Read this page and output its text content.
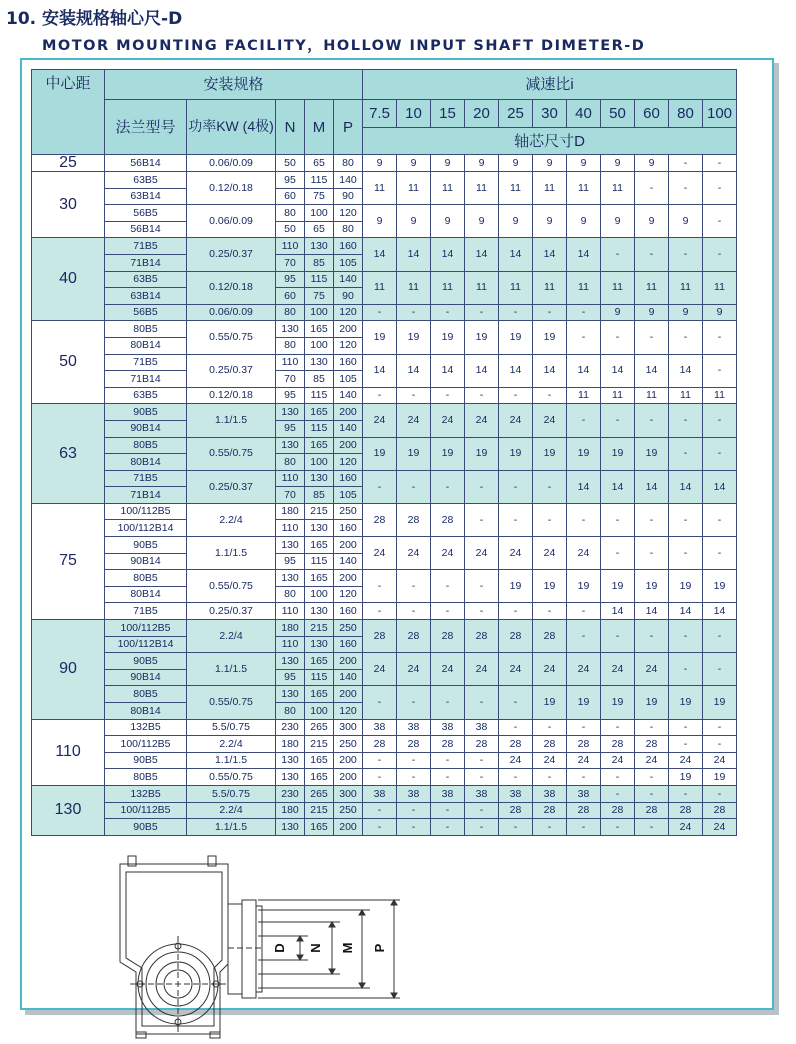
10. 安装规格轴心尺-D
MOTOR MOUNTING FACILITY，HOLLOW INPUT SHAFT DIMETER-D
中心距	安装规格					减速比i										
	法兰型号	功率KW (4极)	N	M	P	7.5	10	15	20	25	30	40	50	60	80	100
						轴芯尺寸D										
25	56B14	0.06/0.09	50	65	80	9	9	9	9	9	9	9	9	9	-	-
30	63B5	0.12/0.18	95	115	140	11	11	11	11	11	11	11	11	-	-	-
	63B14		60	75	90											
	56B5	0.06/0.09	80	100	120	9	9	9	9	9	9	9	9	9	9	-
	56B14		50	65	80											
40	71B5	0.25/0.37	110	130	160	14	14	14	14	14	14	14	-	-	-	-
	71B14		70	85	105											
	63B5	0.12/0.18	95	115	140	11	11	11	11	11	11	11	11	11	11	11
	63B14		60	75	90											
	56B5	0.06/0.09	80	100	120	-	-	-	-	-	-	-	9	9	9	9
50	80B5	0.55/0.75	130	165	200	19	19	19	19	19	19	-	-	-	-	-
	80B14		80	100	120											
	71B5	0.25/0.37	110	130	160	14	14	14	14	14	14	14	14	14	14	-
	71B14		70	85	105											
	63B5	0.12/0.18	95	115	140	-	-	-	-	-	-	11	11	11	11	11
63	90B5	1.1/1.5	130	165	200	24	24	24	24	24	24	-	-	-	-	-
	90B14		95	115	140											
	80B5	0.55/0.75	130	165	200	19	19	19	19	19	19	19	19	19	-	-
	80B14		80	100	120											
	71B5	0.25/0.37	110	130	160	-	-	-	-	-	-	14	14	14	14	14
	71B14		70	85	105											
75	100/112B5	2.2/4	180	215	250	28	28	28	-	-	-	-	-	-	-	-
	100/112B14		110	130	160											
	90B5	1.1/1.5	130	165	200	24	24	24	24	24	24	24	-	-	-	-
	90B14		95	115	140											
	80B5	0.55/0.75	130	165	200	-	-	-	-	19	19	19	19	19	19	19
	80B14		80	100	120											
	71B5	0.25/0.37	110	130	160	-	-	-	-	-	-	-	14	14	14	14
90	100/112B5	2.2/4	180	215	250	28	28	28	28	28	28	-	-	-	-	-
	100/112B14		110	130	160											
	90B5	1.1/1.5	130	165	200	24	24	24	24	24	24	24	24	24	-	-
	90B14		95	115	140											
	80B5	0.55/0.75	130	165	200	-	-	-	-	-	19	19	19	19	19	19
	80B14		80	100	120											
110	132B5	5.5/0.75	230	265	300	38	38	38	38	-	-	-	-	-	-	-
	100/112B5	2.2/4	180	215	250	28	28	28	28	28	28	28	28	28	-	-
	90B5	1.1/1.5	130	165	200	-	-	-	-	24	24	24	24	24	24	24
	80B5	0.55/0.75	130	165	200	-	-	-	-	-	-	-	-	-	19	19
130	132B5	5.5/0.75	230	265	300	38	38	38	38	38	38	38	-	-	-	-
	100/112B5	2.2/4	180	215	250	-	-	-	-	28	28	28	28	28	28	28
	90B5	1.1/1.5	130	165	200	-	-	-	-	-	-	-	-	-	24	24
D N M P
